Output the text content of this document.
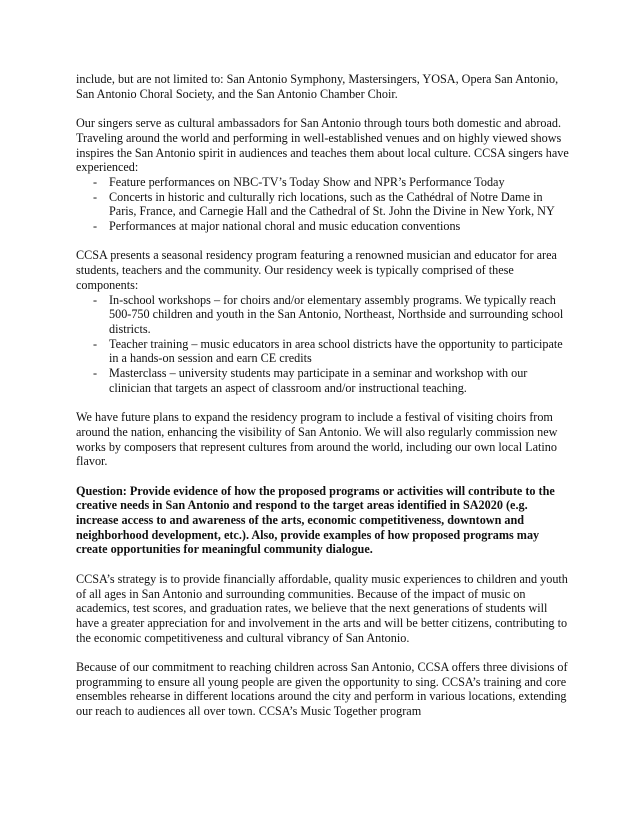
include, but are not limited to: San Antonio Symphony, Mastersingers, YOSA, Opera San Antonio, San Antonio Choral Society, and the San Antonio Chamber Choir.

Our singers serve as cultural ambassadors for San Antonio through tours both domestic and abroad. Traveling around the world and performing in well-established venues and on highly viewed shows inspires the San Antonio spirit in audiences and teaches them about local culture. CCSA singers have experienced:

- Feature performances on NBC-TV’s Today Show and NPR’s Performance Today
- Concerts in historic and culturally rich locations, such as the Cathédral of Notre Dame in Paris, France, and Carnegie Hall and the Cathedral of St. John the Divine in New York, NY
- Performances at major national choral and music education conventions

CCSA presents a seasonal residency program featuring a renowned musician and educator for area students, teachers and the community. Our residency week is typically comprised of these components:

- In-school workshops – for choirs and/or elementary assembly programs. We typically reach 500-750 children and youth in the San Antonio, Northeast, Northside and surrounding school districts.
- Teacher training – music educators in area school districts have the opportunity to participate in a hands-on session and earn CE credits
- Masterclass – university students may participate in a seminar and workshop with our clinician that targets an aspect of classroom and/or instructional teaching.

We have future plans to expand the residency program to include a festival of visiting choirs from around the nation, enhancing the visibility of San Antonio. We will also regularly commission new works by composers that represent cultures from around the world, including our own local Latino flavor.

Question: Provide evidence of how the proposed programs or activities will contribute to the creative needs in San Antonio and respond to the target areas identified in SA2020 (e.g. increase access to and awareness of the arts, economic competitiveness, downtown and neighborhood development, etc.). Also, provide examples of how proposed programs may create opportunities for meaningful community dialogue.

CCSA’s strategy is to provide financially affordable, quality music experiences to children and youth of all ages in San Antonio and surrounding communities. Because of the impact of music on academics, test scores, and graduation rates, we believe that the next generations of students will have a greater appreciation for and involvement in the arts and will be better citizens, contributing to the economic competitiveness and cultural vibrancy of San Antonio.

Because of our commitment to reaching children across San Antonio, CCSA offers three divisions of programming to ensure all young people are given the opportunity to sing. CCSA’s training and core ensembles rehearse in different locations around the city and perform in various locations, extending our reach to audiences all over town. CCSA’s Music Together program
